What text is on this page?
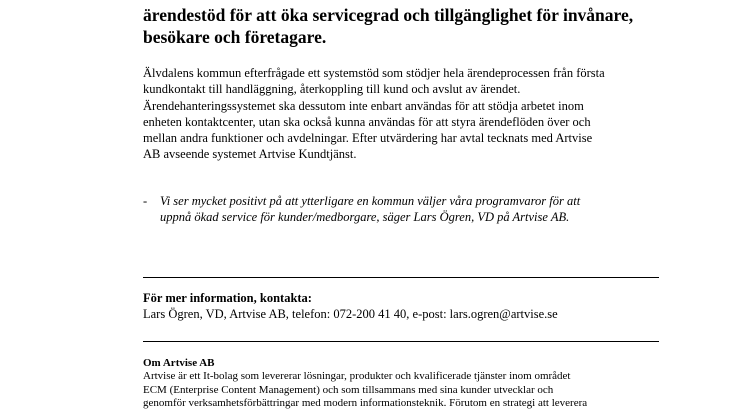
ärendestöd för att öka servicegrad och tillgänglighet för invånare,
besökare och företagare.

Älvdalens kommun efterfrågade ett systemstöd som stödjer hela ärendeprocessen från första
kundkontakt till handläggning, återkoppling till kund och avslut av ärendet.
Ärendehanteringssystemet ska dessutom inte enbart användas för att stödja arbetet inom
enheten kontaktcenter, utan ska också kunna användas för att styra ärendeflöden över och
mellan andra funktioner och avdelningar. Efter utvärdering har avtal tecknats med Artvise
AB avseende systemet Artvise Kundtjänst.

- Vi ser mycket positivt på att ytterligare en kommun väljer våra programvaror för att
uppnå ökad service för kunder/medborgare, säger Lars Ögren, VD på Artvise AB.

För mer information, kontakta:

Lars Ögren, VD, Artvise AB, telefon: 072-200 41 40, e-post: lars.ogren@artvise.se

Om Artvise AB

Artvise är ett It-bolag som levererar lösningar, produkter och kvalificerade tjänster inom området
ECM (Enterprise Content Management) och som tillsammans med sina kunder utvecklar och
genomför verksamhetsförbättringar med modern informationsteknik. Förutom en strategi att leverera
